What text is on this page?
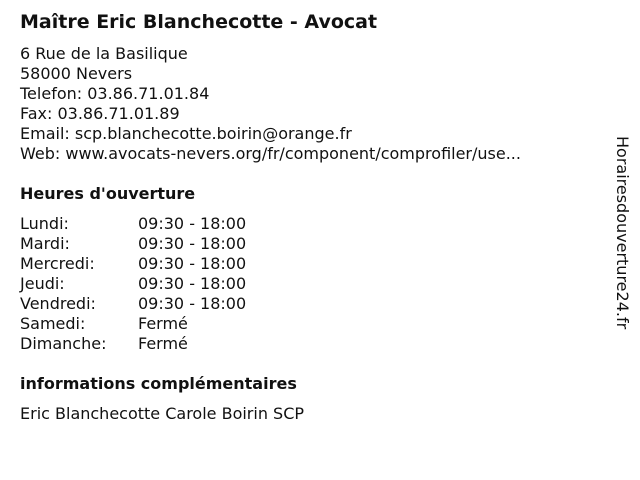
Maître Eric Blanchecotte - Avocat
6 Rue de la Basilique
58000 Nevers
Telefon: 03.86.71.01.84
Fax: 03.86.71.01.89
Email: scp.blanchecotte.boirin@orange.fr
Web: www.avocats-nevers.org/fr/component/comprofiler/use...
Heures d'ouverture
Lundi:	09:30 - 18:00
Mardi:	09:30 - 18:00
Mercredi:	09:30 - 18:00
Jeudi:	09:30 - 18:00
Vendredi:	09:30 - 18:00
Samedi:	Fermé
Dimanche:	Fermé
informations complémentaires
Eric Blanchecotte Carole Boirin SCP
Horairesdouverture24.fr
